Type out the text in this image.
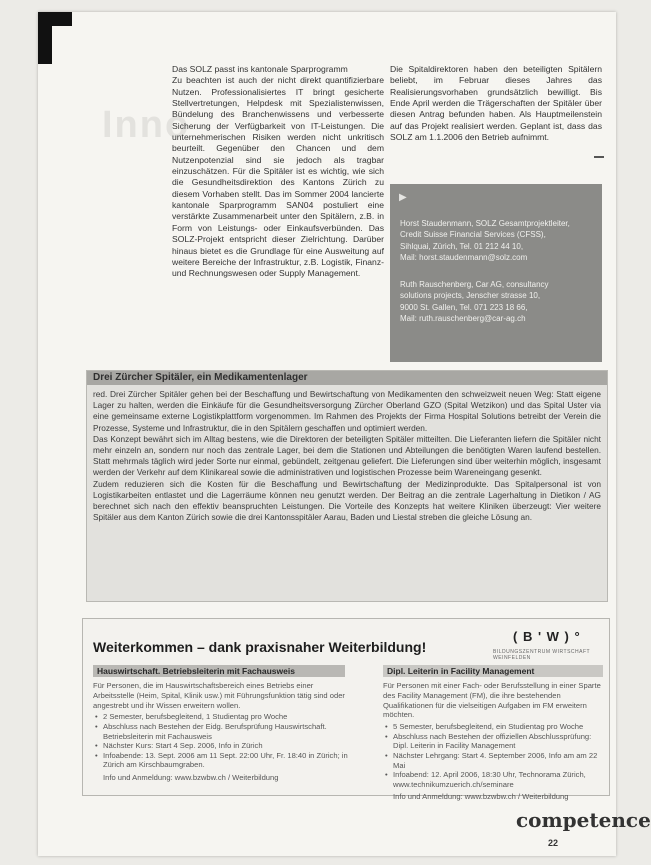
Inno

Das SOLZ passt ins kantonale Sparprogramm

Zu beachten ist auch der nicht direkt quantifizierbare Nutzen. Professionalisiertes IT bringt gesicherte Stellvertretungen, Helpdesk mit Spezialistenwissen, Bündelung des Branchenwissens und verbesserte Sicherung der Verfügbarkeit von IT-Leistungen. Die unternehmerischen Risiken werden nicht unkritisch beurteilt. Gegenüber den Chancen und dem Nutzenpotenzial sind sie jedoch als tragbar einzuschätzen. Für die Spitäler ist es wichtig, wie sich die Gesundheitsdirektion des Kantons Zürich zu diesem Vorhaben stellt. Das im Sommer 2004 lancierte kantonale Sparprogramm SAN04 postuliert eine verstärkte Zusammenarbeit unter den Spitälern, z.B. in Form von Leistungs- oder Einkaufsverbünden. Das SOLZ-Projekt entspricht dieser Zielrichtung. Darüber hinaus bietet es die Grundlage für eine Ausweitung auf weitere Bereiche der Infrastruktur, z.B. Logistik, Finanz- und Rechnungswesen oder Supply Management.

Die Spitaldirektoren haben den beteiligten Spitälern beliebt, im Februar dieses Jahres das Realisierungsvorhaben grundsätzlich bewilligt. Bis Ende April werden die Trägerschaften der Spitäler über diesen Antrag befunden haben. Als Hauptmeilenstein auf das Projekt realisiert werden. Geplant ist, dass das SOLZ am 1.1.2006 den Betrieb aufnimmt.

▶

Horst Staudenmann, SOLZ Gesamtprojektleiter,

Credit Suisse Financial Services (CFSS),

Sihlquai, Zürich, Tel. 01 212 44 10,

Mail: horst.staudenmann@solz.com

Ruth Rauschenberg, Car AG, consultancy

solutions projects, Jenscher strasse 10,

9000 St. Gallen, Tel. 071 223 18 66,

Mail: ruth.rauschenberg@car-ag.ch

Drei Zürcher Spitäler, ein Medikamentenlager

red. Drei Zürcher Spitäler gehen bei der Beschaffung und Bewirtschaftung von Medikamenten den schweizweit neuen Weg: Statt eigene Lager zu halten, werden die Einkäufe für die Gesundheitsversorgung Zürcher Oberland GZO (Spital Wetzikon) und das Spital Uster via eine gemeinsame externe Logistikplattform vorgenommen. Im Rahmen des Projekts der Firma Hospital Solutions betreibt der Verein die Prozesse, Systeme und Infrastruktur, die in den Spitälern geschaffen und optimiert werden.

Das Konzept bewährt sich im Alltag bestens, wie die Direktoren der beteiligten Spitäler mitteilten. Die Lieferanten liefern die Spitäler nicht mehr einzeln an, sondern nur noch das zentrale Lager, bei dem die Stationen und Abteilungen die benötigten Waren laufend bestellen. Statt mehrmals täglich wird jeder Sorte nur einmal, gebündelt, zeitgenau geliefert. Die Lieferungen sind über weiterhin möglich, insgesamt werden der Verkehr auf dem Klinikareal sowie die administrativen und logistischen Prozesse beim Wareneingang gesenkt.

Zudem reduzieren sich die Kosten für die Beschaffung und Bewirtschaftung der Medizinprodukte. Das Spitalpersonal ist von Logistikarbeiten entlastet und die Lagerräume können neu genutzt werden. Der Beitrag an die zentrale Lagerhaltung in Dietikon / AG berechnet sich nach den effektiv beanspruchten Leistungen. Die Vorteile des Konzepts hat weitere Kliniken überzeugt: Vier weitere Spitäler aus dem Kanton Zürich sowie die drei Kantonsspitäler Aarau, Baden und Liestal streben die gleiche Lösung an.

Weiterkommen – dank praxisnaher Weiterbildung!
( B ' W ) °
BILDUNGSZENTRUM WIRTSCHAFT WEINFELDEN
Hauswirtschaft. Betriebsleiterin mit Fachausweis	Dipl. Leiterin in Facility Management
Für Personen, die im Hauswirtschaftsbereich eines Betriebs einer Arbeitsstelle (Heim, Spital, Klinik usw.) mit Führungsfunktion tätig sind oder angestrebt und ihr Wissen erweitern wollen.
• 2 Semester, berufsbegleitend, 1 Studientag pro Woche
• Abschluss nach Bestehen der Eidg. Berufsprüfung Hauswirtschaft. Betriebsleiterin mit Fachausweis
• Nächster Kurs: Start 4 Sep. 2006, Info in Zürich
• Infoabende: 13. Sept. 2006 am 11 Sept. 22:00 Uhr, Fr. 18:40 in Zürich; in Zürich am Kirschbaumgraben.
Info und Anmeldung: www.bzwbw.ch / Weiterbildung
Für Personen mit einer Fach- oder Berufsstellung in einer Sparte des Facility Management (FM), die ihre bestehenden Qualifikationen für die vielseitigen Aufgaben im FM erweitern möchten.
• 5 Semester, berufsbegleitend, ein Studientag pro Woche
• Abschluss nach Bestehen der offiziellen Abschlussprüfung: Dipl. Leiterin in Facility Management
• Nächster Lehrgang: Start 4. September 2006, Info am am 22 Mai
• Infoabend: 12. April 2006, 18:30 Uhr, Technorama Zürich, www.technikumzuerich.ch/seminare
Info und Anmeldung: www.bzwbw.ch / Weiterbildung
competence
22
